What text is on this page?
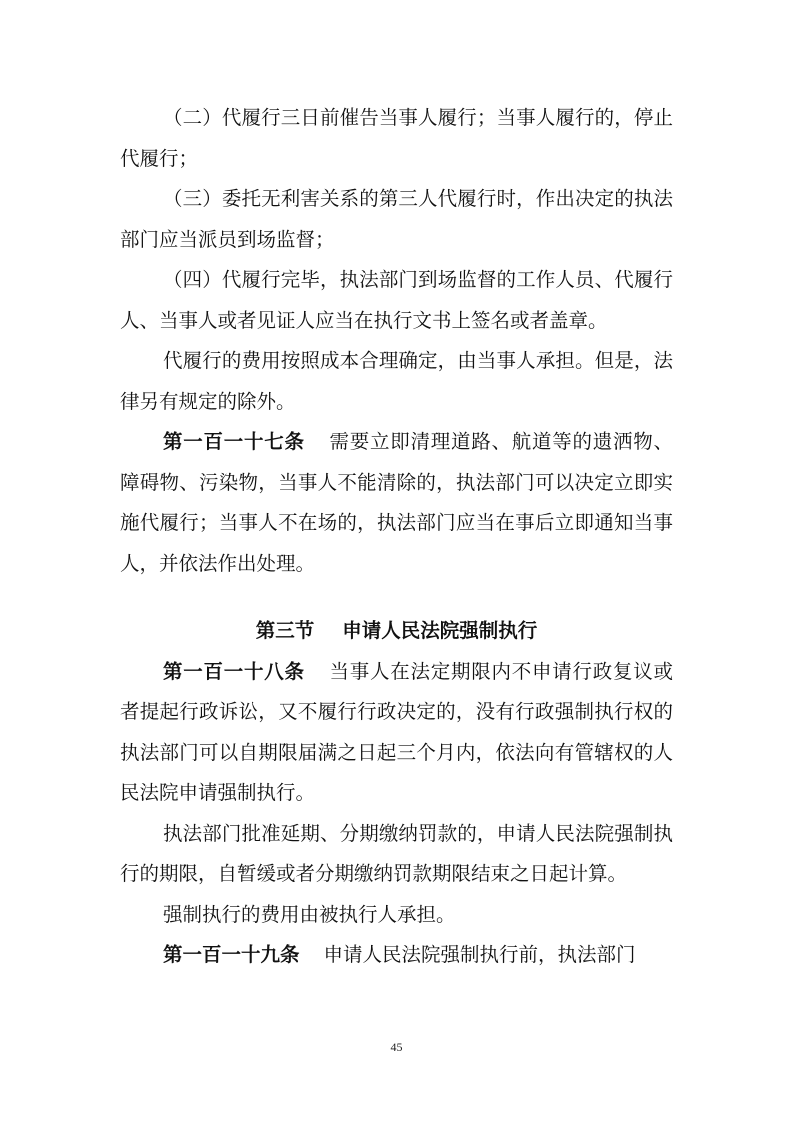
（二）代履行三日前催告当事人履行；当事人履行的，停止代履行；

（三）委托无利害关系的第三人代履行时，作出决定的执法部门应当派员到场监督；

（四）代履行完毕，执法部门到场监督的工作人员、代履行人、当事人或者见证人应当在执行文书上签名或者盖章。

代履行的费用按照成本合理确定，由当事人承担。但是，法律另有规定的除外。

第一百一十七条 需要立即清理道路、航道等的遗洒物、障碍物、污染物，当事人不能清除的，执法部门可以决定立即实施代履行；当事人不在场的，执法部门应当在事后立即通知当事人，并依法作出处理。

第三节 申请人民法院强制执行

第一百一十八条 当事人在法定期限内不申请行政复议或者提起行政诉讼，又不履行行政决定的，没有行政强制执行权的执法部门可以自期限届满之日起三个月内，依法向有管辖权的人民法院申请强制执行。

执法部门批准延期、分期缴纳罚款的，申请人民法院强制执行的期限，自暂缓或者分期缴纳罚款期限结束之日起计算。

强制执行的费用由被执行人承担。

第一百一十九条 申请人民法院强制执行前，执法部门

45
